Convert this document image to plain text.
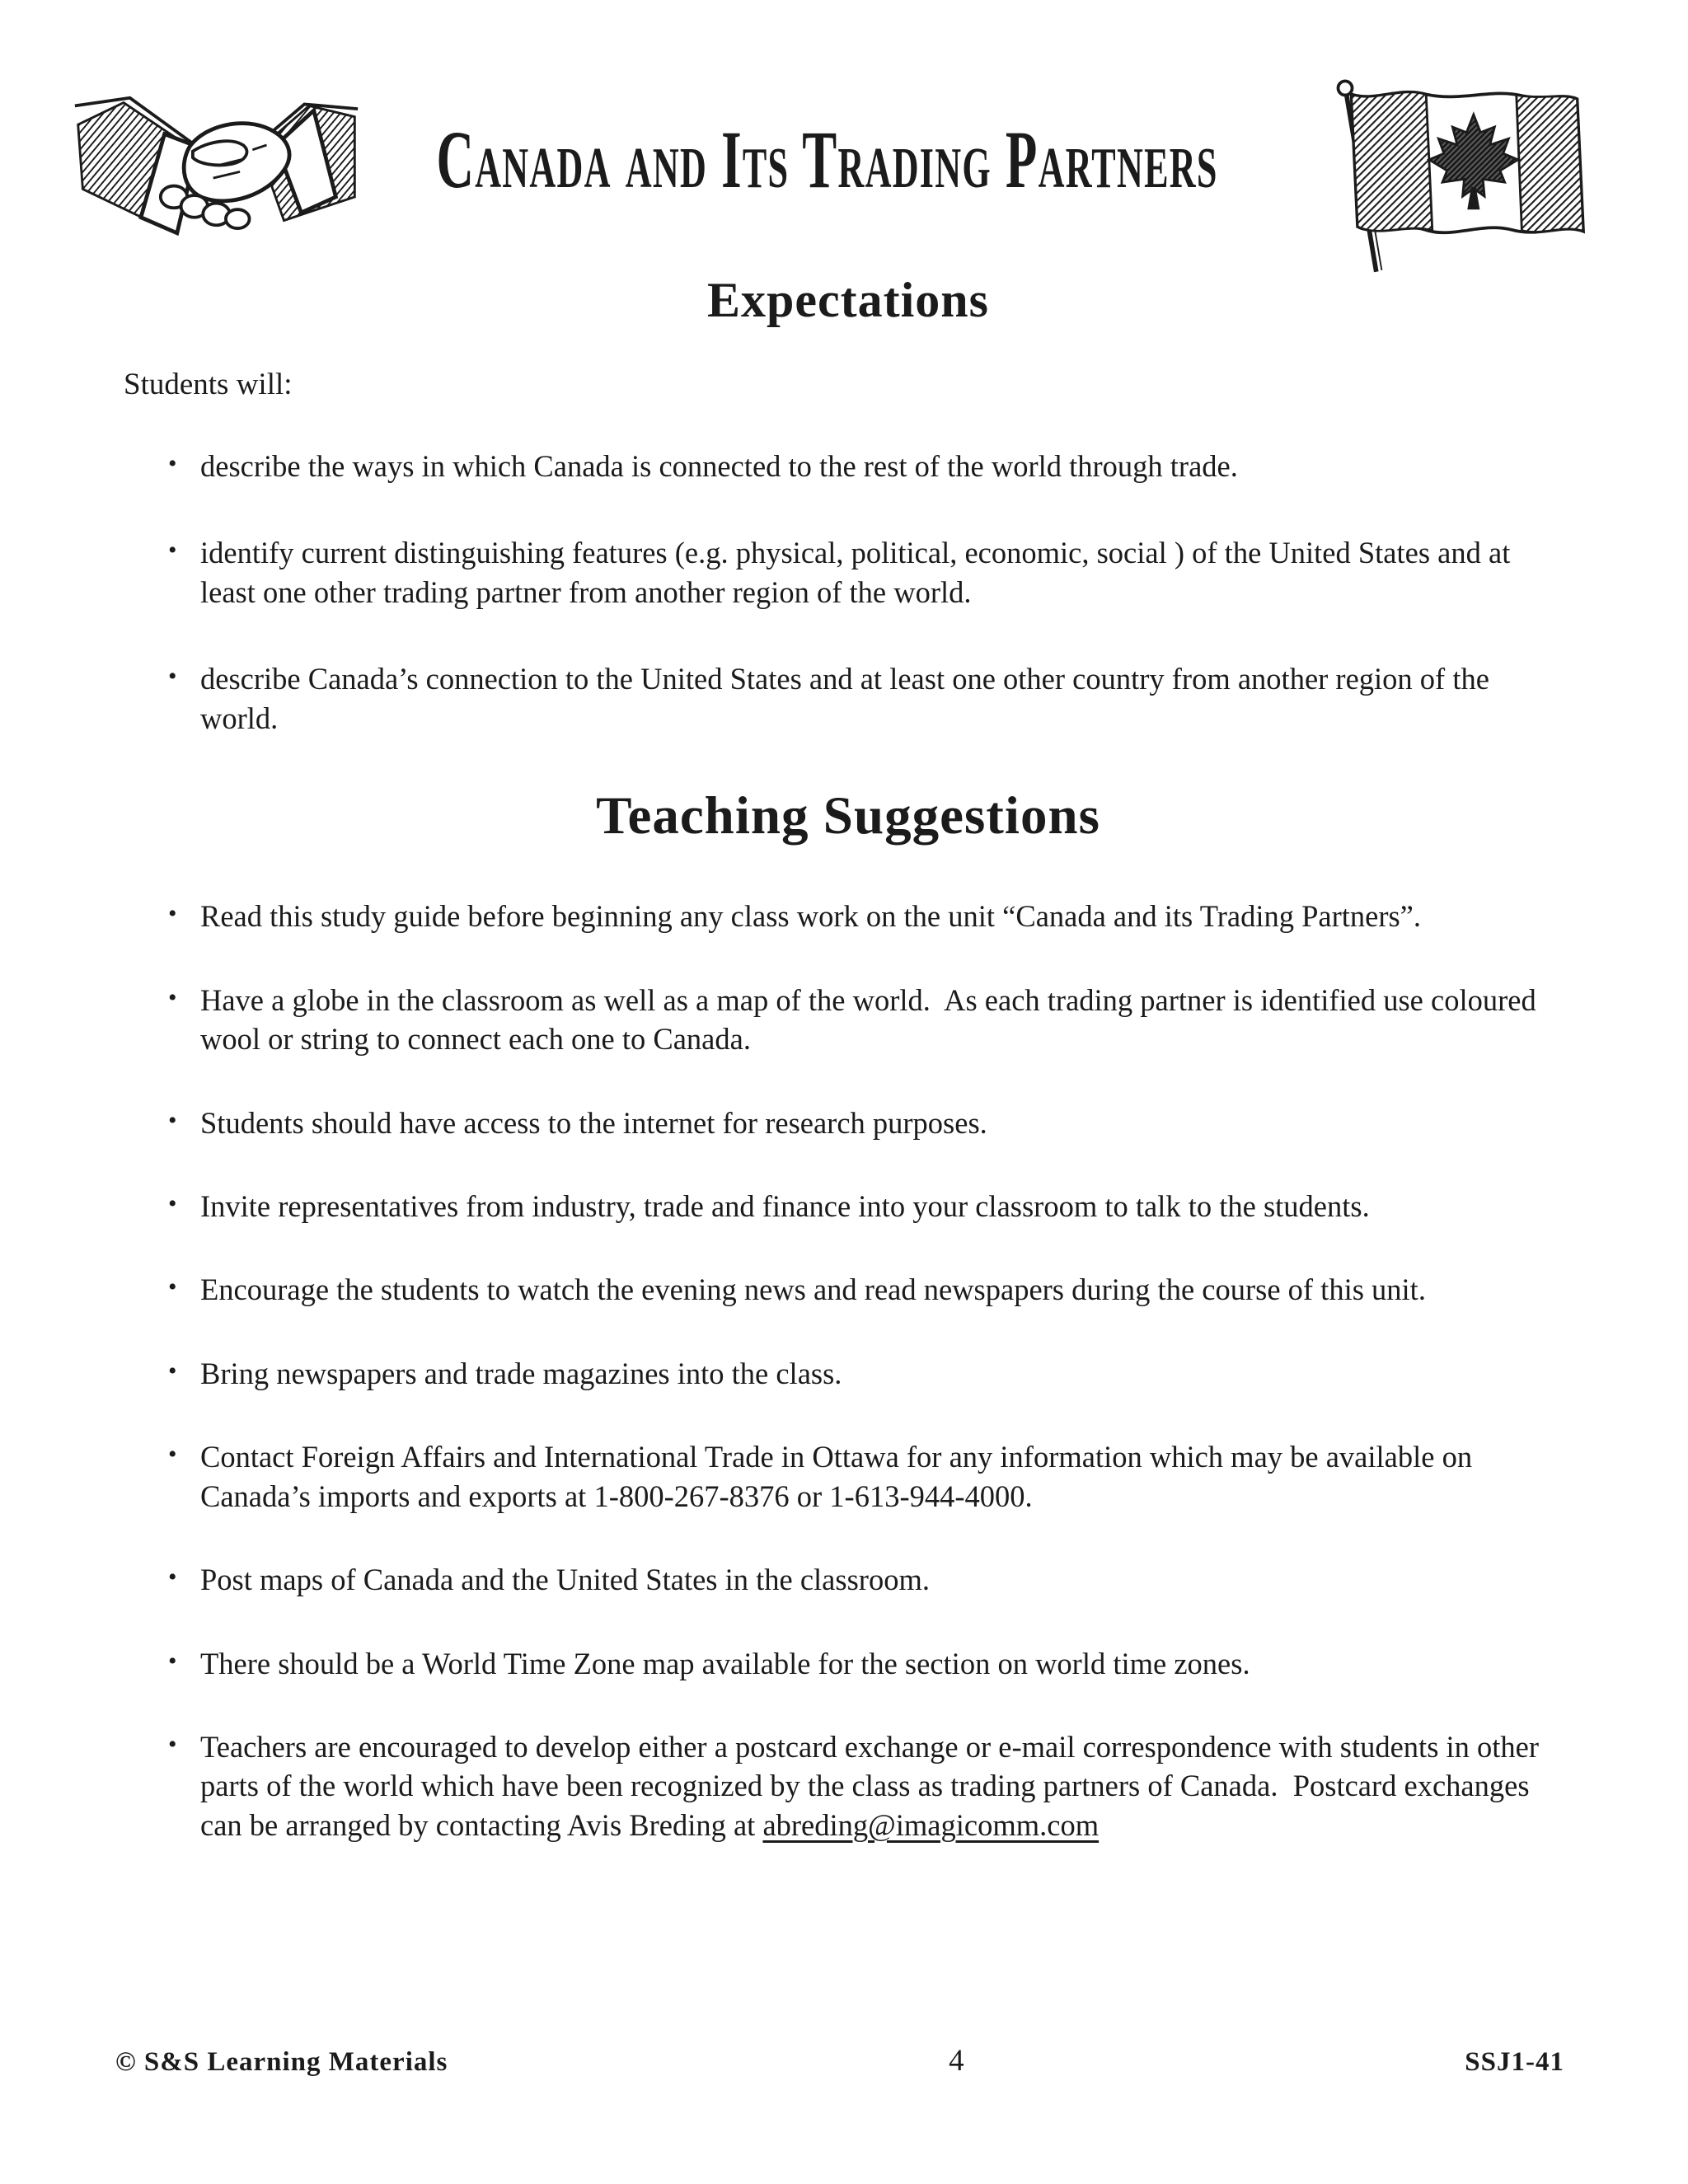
Canada and Its Trading Partners
Expectations

Students will:

• describe the ways in which Canada is connected to the rest of the world through trade.
• identify current distinguishing features (e.g. physical, political, economic, social ) of the United States and at least one other trading partner from another region of the world.
• describe Canada’s connection to the United States and at least one other country from another region of the world.
Teaching Suggestions
• Read this study guide before beginning any class work on the unit “Canada and its Trading Partners”.
• Have a globe in the classroom as well as a map of the world.  As each trading partner is identified use coloured wool or string to connect each one to Canada.
• Students should have access to the internet for research purposes.
• Invite representatives from industry, trade and finance into your classroom to talk to the students.
• Encourage the students to watch the evening news and read newspapers during the course of this unit.
• Bring newspapers and trade magazines into the class.
• Contact Foreign Affairs and International Trade in Ottawa for any information which may be available on Canada’s imports and exports at 1-800-267-8376 or 1-613-944-4000.
• Post maps of Canada and the United States in the classroom.
• There should be a World Time Zone map available for the section on world time zones.
• Teachers are encouraged to develop either a postcard exchange or e-mail correspondence with students in other parts of the world which have been recognized by the class as trading partners of Canada.  Postcard exchanges can be arranged by contacting Avis Breding at abreding@imagicomm.com
© S&S Learning Materials	4	SSJ1-41
